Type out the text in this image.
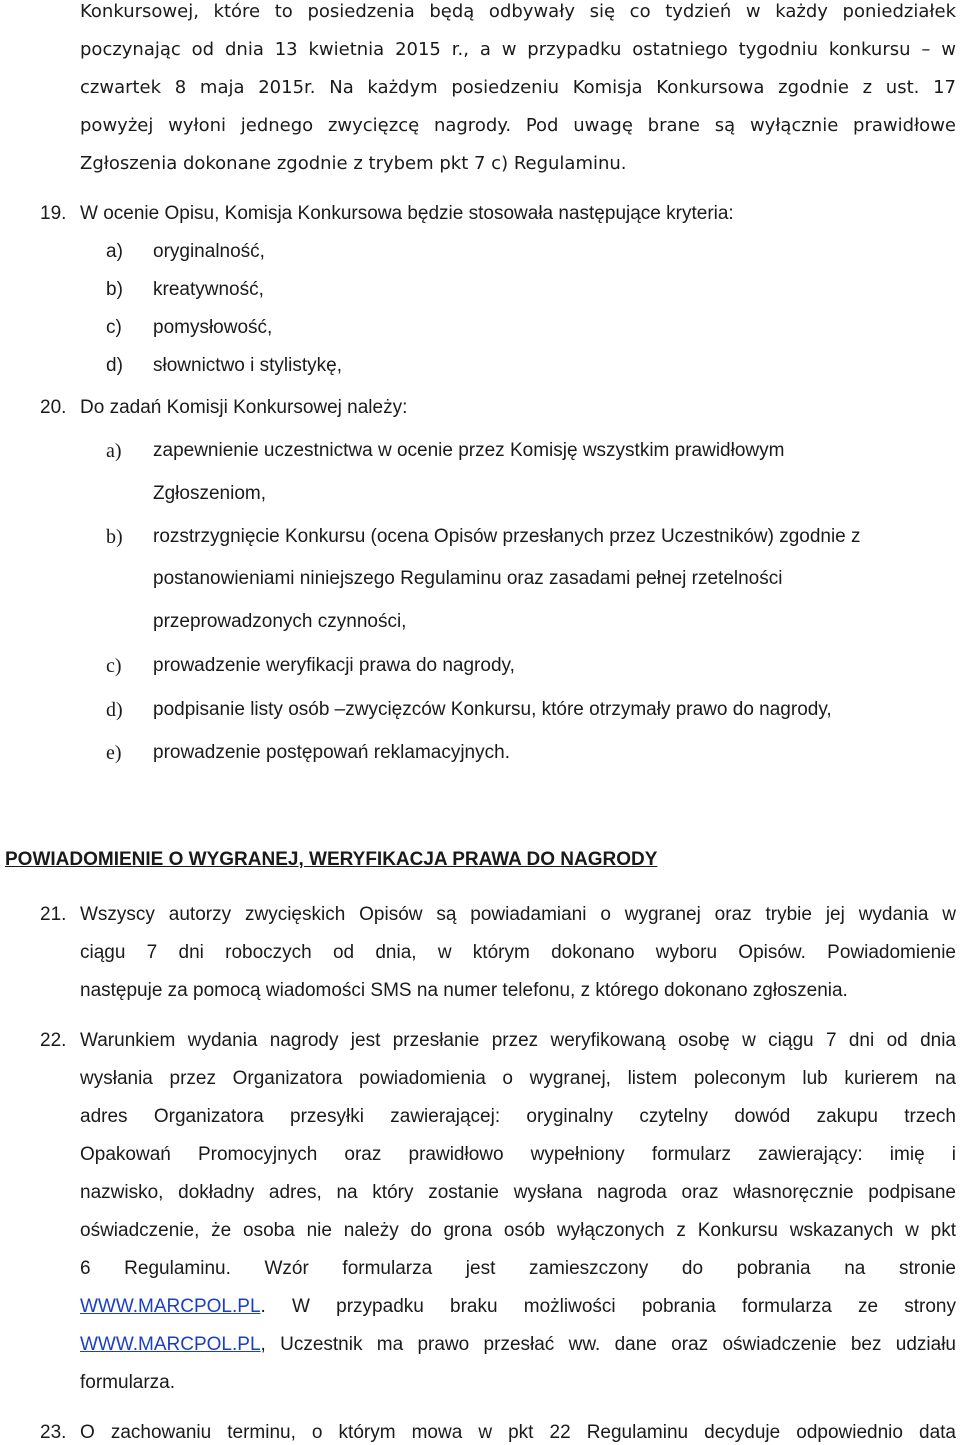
Konkursowej, które to posiedzenia będą odbywały się co tydzień w każdy poniedziałek
poczynając od dnia 13 kwietnia 2015 r., a w przypadku ostatniego tygodniu konkursu – w
czwartek 8 maja 2015r. Na każdym posiedzeniu Komisja Konkursowa zgodnie z ust. 17
powyżej wyłoni jednego zwycięzcę nagrody. Pod uwagę brane są wyłącznie prawidłowe
Zgłoszenia dokonane zgodnie z trybem pkt 7 c) Regulaminu.
19. W ocenie Opisu, Komisja Konkursowa będzie stosowała następujące kryteria:
a) oryginalność,
b) kreatywność,
c) pomysłowość,
d) słownictwo i stylistykę,
20. Do zadań Komisji Konkursowej należy:
a) zapewnienie uczestnictwa w ocenie przez Komisję wszystkim prawidłowym
Zgłoszeniom,
b) rozstrzygnięcie Konkursu (ocena Opisów przesłanych przez Uczestników) zgodnie z
postanowieniami niniejszego Regulaminu oraz zasadami pełnej rzetelności
przeprowadzonych czynności,
c) prowadzenie weryfikacji prawa do nagrody,
d) podpisanie listy osób –zwycięzców Konkursu, które otrzymały prawo do nagrody,
e) prowadzenie postępowań reklamacyjnych.
POWIADOMIENIE O WYGRANEJ, WERYFIKACJA PRAWA DO NAGRODY
21. Wszyscy autorzy zwycięskich Opisów są powiadamiani o wygranej oraz trybie jej wydania w
ciągu 7 dni roboczych od dnia, w którym dokonano wyboru Opisów. Powiadomienie
następuje za pomocą wiadomości SMS na numer telefonu, z którego dokonano zgłoszenia.
22. Warunkiem wydania nagrody jest przesłanie przez weryfikowaną osobę w ciągu 7 dni od dnia
wysłania przez Organizatora powiadomienia o wygranej, listem poleconym lub kurierem na
adres Organizatora przesyłki zawierającej: oryginalny czytelny dowód zakupu trzech
Opakowań Promocyjnych oraz prawidłowo wypełniony formularz zawierający: imię i
nazwisko, dokładny adres, na który zostanie wysłana nagroda oraz własnoręcznie podpisane
oświadczenie, że osoba nie należy do grona osób wyłączonych z Konkursu wskazanych w pkt
6 Regulaminu. Wzór formularza jest zamieszczony do pobrania na stronie
WWW.MARCPOL.PL. W przypadku braku możliwości pobrania formularza ze strony
WWW.MARCPOL.PL, Uczestnik ma prawo przesłać ww. dane oraz oświadczenie bez udziału
formularza.
23. O zachowaniu terminu, o którym mowa w pkt 22 Regulaminu decyduje odpowiednio data
